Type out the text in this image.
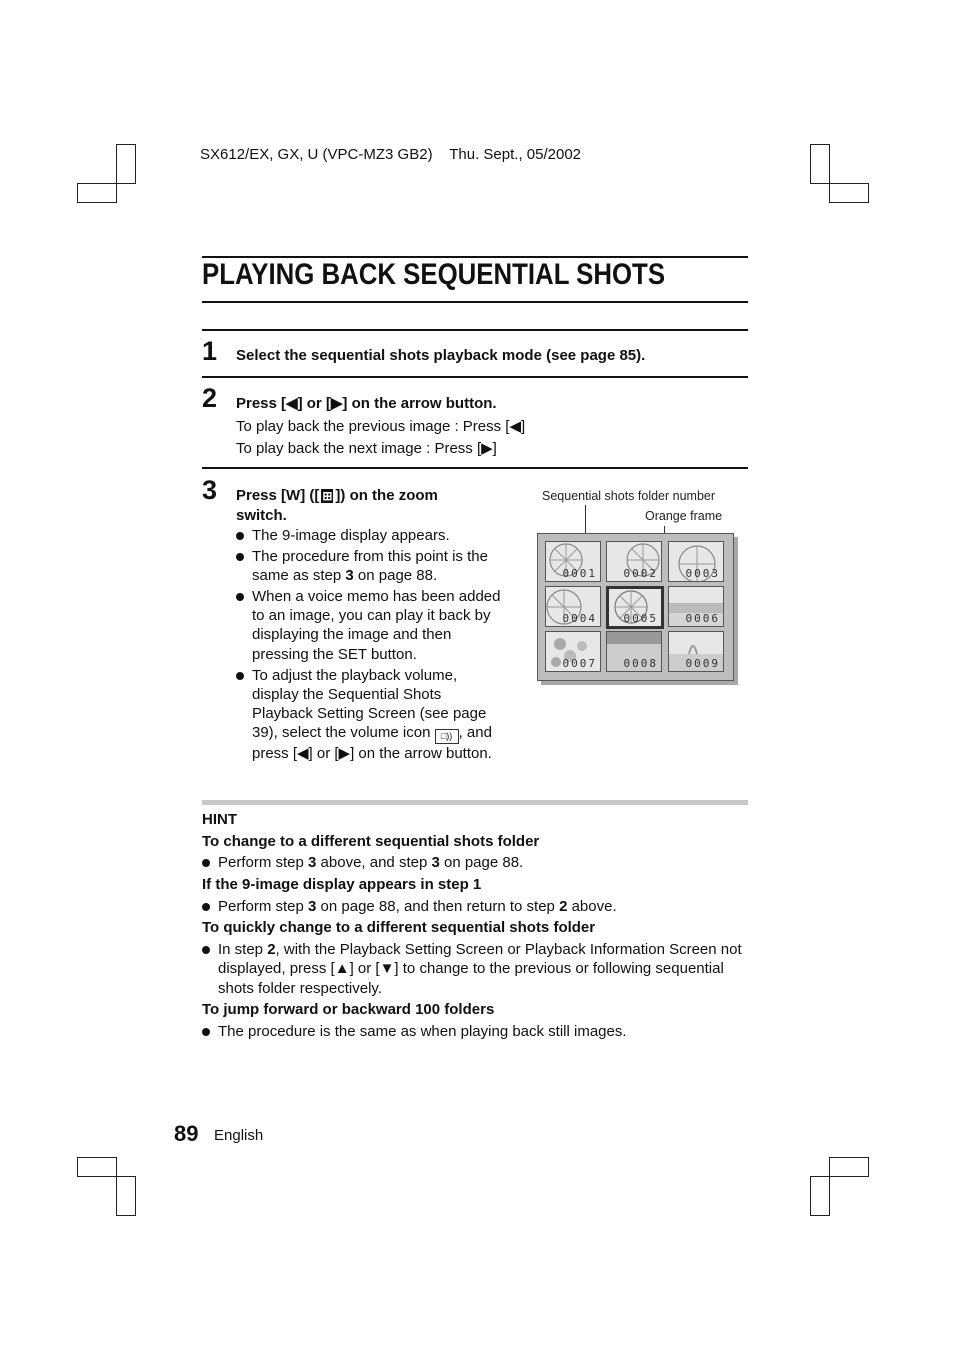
SX612/EX, GX, U (VPC-MZ3 GB2) Thu. Sept., 05/2002
PLAYING BACK SEQUENTIAL SHOTS
1 Select the sequential shots playback mode (see page 85).
2 Press [◀] or [▶] on the arrow button.
To play back the previous image : Press [◀]
To play back the next image : Press [▶]
3 Press [W] ([ ⊞ ]) on the zoom
switch.
The 9-image display appears.
The procedure from this point is the same as step 3 on page 88.
When a voice memo has been added to an image, you can play it back by displaying the image and then pressing the SET button.
To adjust the playback volume, display the Sequential Shots Playback Setting Screen (see page 39), select the volume icon □)) , and press [◀] or [▶] on the arrow button.
Sequential shots folder number
Orange frame
0001 0002	0003
0004 0005	0006
0007 0008	0009
HINT
To change to a different sequential shots folder
Perform step 3 above, and step 3 on page 88.
If the 9-image display appears in step 1
Perform step 3 on page 88, and then return to step 2 above.
To quickly change to a different sequential shots folder
In step 2, with the Playback Setting Screen or Playback Information Screen not displayed, press [▲] or [▼] to change to the previous or following sequential shots folder respectively.
To jump forward or backward 100 folders
The procedure is the same as when playing back still images.
89 English
